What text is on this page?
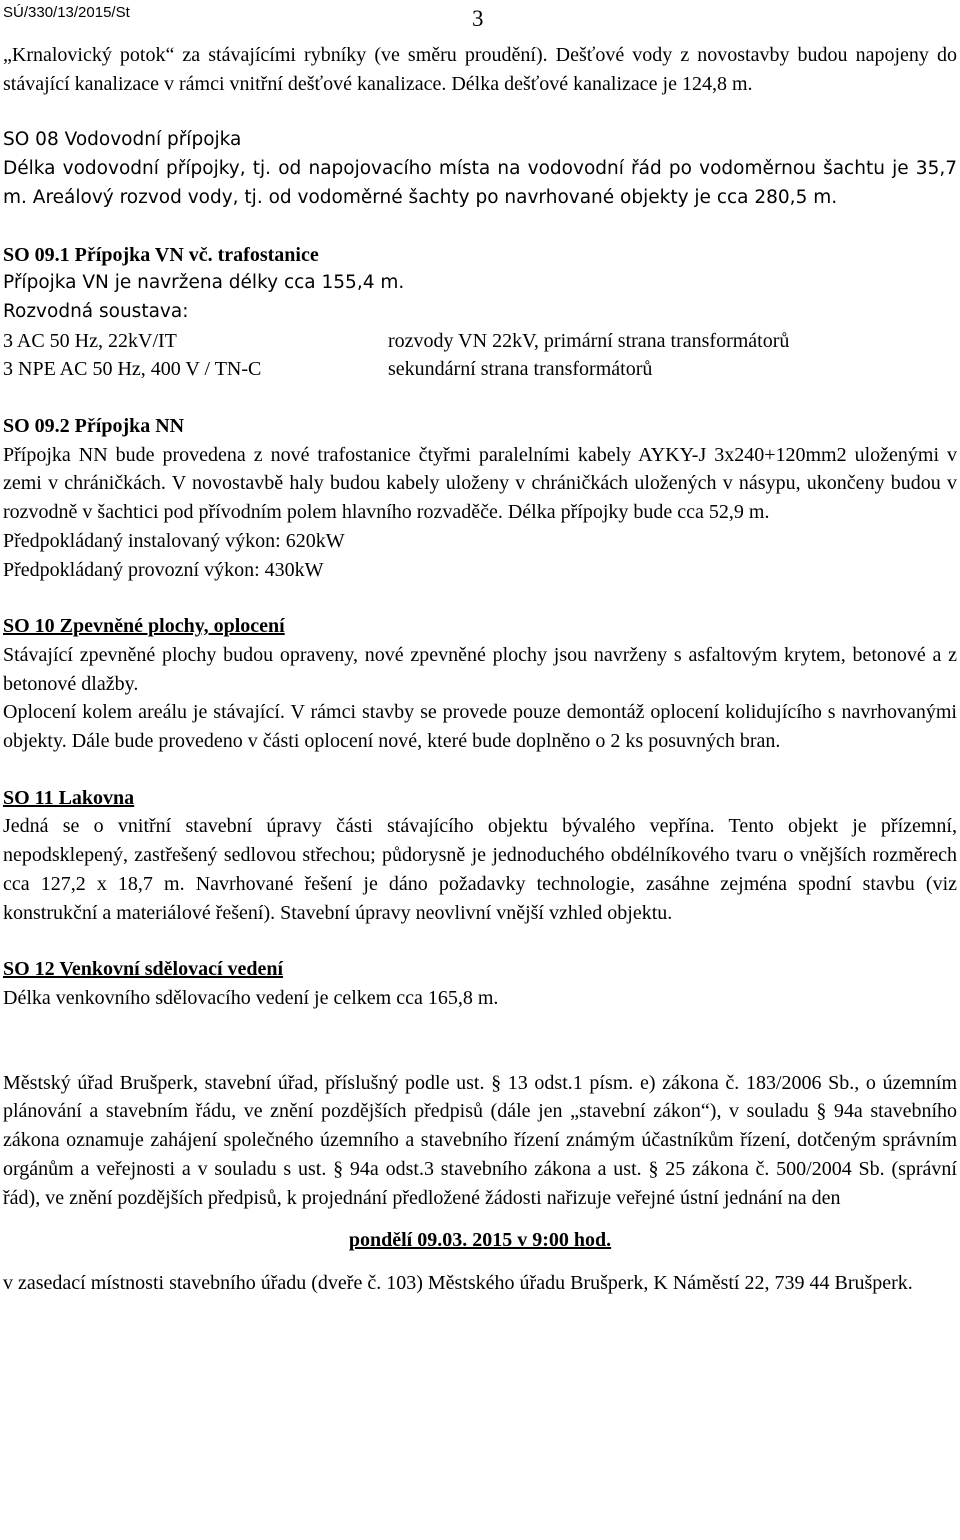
SÚ/330/13/2015/St	3

„Krnalovický potok“ za stávajícími rybníky (ve směru proudění). Dešťové vody z novostavby budou napojeny do stávající kanalizace v rámci vnitřní dešťové kanalizace. Délka dešťové kanalizace je 124,8 m.

SO 08 Vodovodní přípojka

Délka vodovodní přípojky, tj. od napojovacího místa na vodovodní řád po vodoměrnou šachtu je 35,7 m. Areálový rozvod vody, tj. od vodoměrné šachty po navrhované objekty je cca 280,5 m.

SO 09.1 Přípojka VN vč. trafostanice

Přípojka VN je navržena délky cca 155,4 m.

Rozvodná soustava:

3 AC 50 Hz, 22kV/IT	rozvody VN 22kV, primární strana transformátorů
3 NPE AC 50 Hz, 400 V / TN-C	sekundární strana transformátorů

SO 09.2 Přípojka NN

Přípojka NN bude provedena z nové trafostanice čtyřmi paralelními kabely AYKY-J 3x240+120mm2 uloženými v zemi v chráničkách. V novostavbě haly budou kabely uloženy v chráničkách uložených v násypu, ukončeny budou v rozvodně v šachtici pod přívodním polem hlavního rozvaděče. Délka přípojky bude cca 52,9 m.

Předpokládaný instalovaný výkon: 620kW

Předpokládaný provozní výkon: 430kW

SO 10 Zpevněné plochy, oplocení

Stávající zpevněné plochy budou opraveny, nové zpevněné plochy jsou navrženy s asfaltovým krytem, betonové a z betonové dlažby.

Oplocení kolem areálu je stávající. V rámci stavby se provede pouze demontáž oplocení kolidujícího s navrhovanými objekty. Dále bude provedeno v části oplocení nové, které bude doplněno o 2 ks posuvných bran.

SO 11 Lakovna

Jedná se o vnitřní stavební úpravy části stávajícího objektu bývalého vepřína. Tento objekt je přízemní, nepodsklepený, zastřešený sedlovou střechou; půdorysně je jednoduchého obdélníkového tvaru o vnějších rozměrech cca 127,2 x 18,7 m. Navrhované řešení je dáno požadavky technologie, zasáhne zejména spodní stavbu (viz konstrukční a materiálové řešení). Stavební úpravy neovlivní vnější vzhled objektu.

SO 12 Venkovní sdělovací vedení

Délka venkovního sdělovacího vedení je celkem cca 165,8 m.

Městský úřad Brušperk, stavební úřad, příslušný podle ust. § 13 odst.1 písm. e) zákona č. 183/2006 Sb., o územním plánování a stavebním řádu, ve znění pozdějších předpisů (dále jen „stavební zákon“), v souladu § 94a stavebního zákona oznamuje zahájení společného územního a stavebního řízení známým účastníkům řízení, dotčeným správním orgánům a veřejnosti a v souladu s ust. § 94a odst.3 stavebního zákona a ust. § 25 zákona č. 500/2004 Sb. (správní řád), ve znění pozdějších předpisů, k projednání předložené žádosti nařizuje veřejné ústní jednání na den

pondělí 09.03. 2015 v 9:00 hod.

v zasedací místnosti stavebního úřadu (dveře č. 103) Městského úřadu Brušperk, K Náměstí 22, 739 44 Brušperk.
